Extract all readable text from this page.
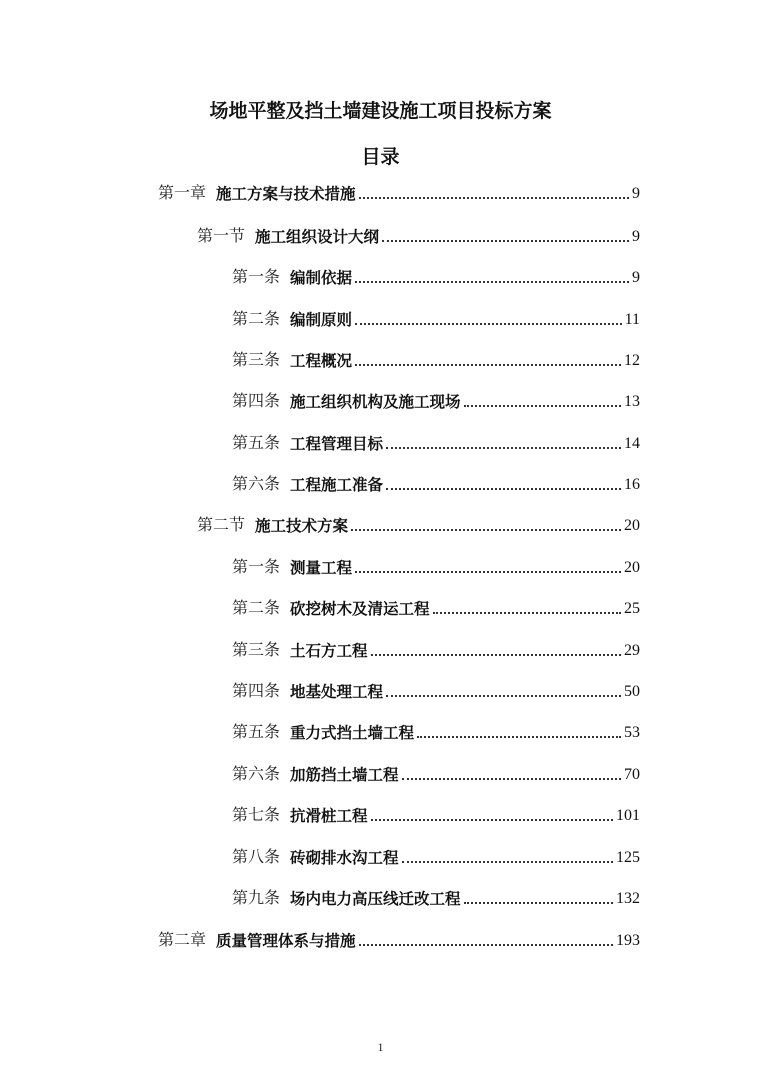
场地平整及挡土墙建设施工项目投标方案
目录
第一章 施工方案与技术措施	9
第一节 施工组织设计大纲	9
第一条 编制依据	9
第二条 编制原则	11
第三条 工程概况	12
第四条 施工组织机构及施工现场	13
第五条 工程管理目标	14
第六条 工程施工准备	16
第二节 施工技术方案	20
第一条 测量工程	20
第二条 砍挖树木及清运工程	25
第三条 土石方工程	29
第四条 地基处理工程	50
第五条 重力式挡土墙工程	53
第六条 加筋挡土墙工程	70
第七条 抗滑桩工程	101
第八条 砖砌排水沟工程	125
第九条 场内电力高压线迁改工程	132
第二章 质量管理体系与措施	193
1
